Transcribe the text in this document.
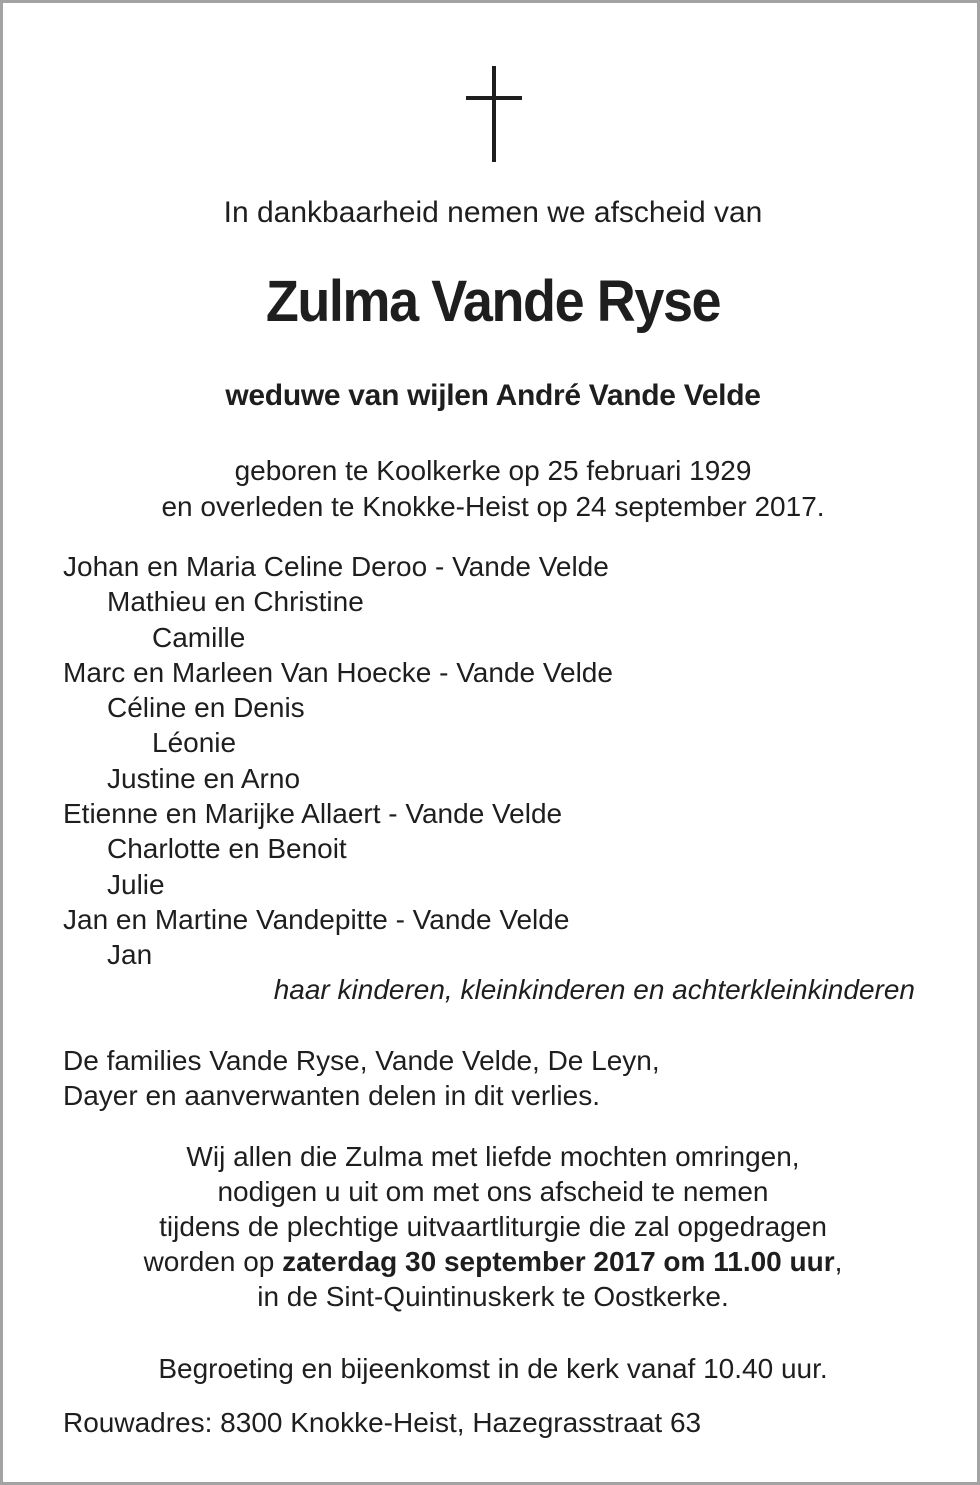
In dankbaarheid nemen we afscheid van
Zulma Vande Ryse
weduwe van wijlen André Vande Velde
geboren te Koolkerke op 25 februari 1929
en overleden te Knokke-Heist op 24 september 2017.
Johan en Maria Celine Deroo - Vande Velde
Mathieu en Christine
Camille
Marc en Marleen Van Hoecke - Vande Velde
Céline en Denis
Léonie
Justine en Arno
Etienne en Marijke Allaert - Vande Velde
Charlotte en Benoit
Julie
Jan en Martine Vandepitte - Vande Velde
Jan
haar kinderen, kleinkinderen en achterkleinkinderen
De families Vande Ryse, Vande Velde, De Leyn,
Dayer en aanverwanten delen in dit verlies.
Wij allen die Zulma met liefde mochten omringen,
nodigen u uit om met ons afscheid te nemen
tijdens de plechtige uitvaartliturgie die zal opgedragen
worden op zaterdag 30 september 2017 om 11.00 uur,
in de Sint-Quintinuskerk te Oostkerke.
Begroeting en bijeenkomst in de kerk vanaf 10.40 uur.
Rouwadres: 8300 Knokke-Heist, Hazegrasstraat 63
